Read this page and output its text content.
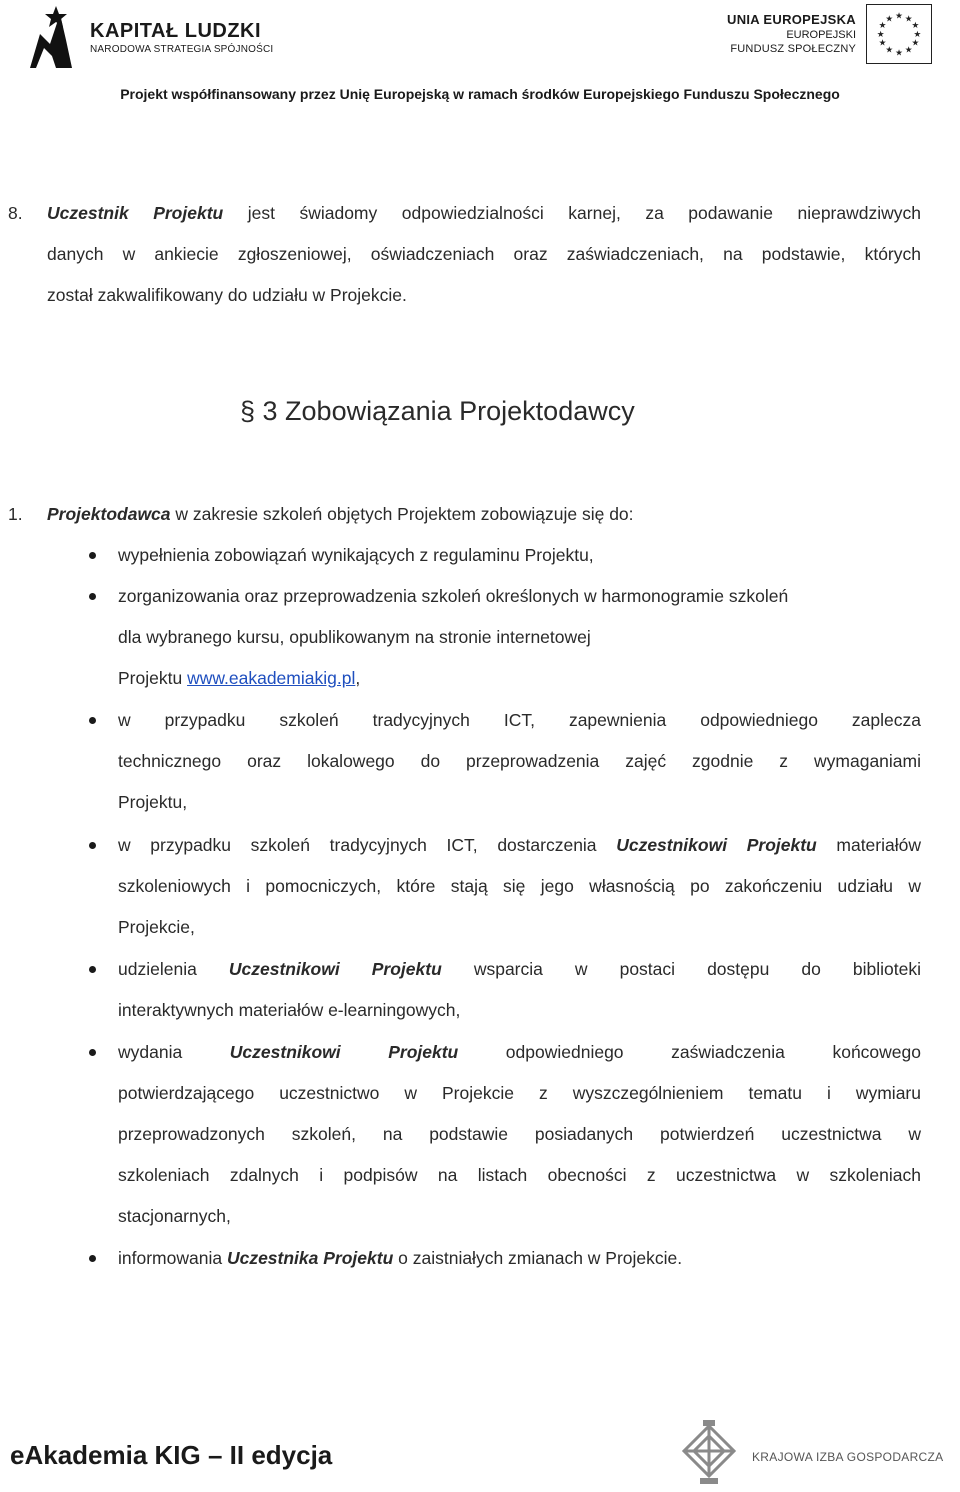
KAPITAŁ LUDZKI
NARODOWA STRATEGIA SPÓJNOŚCI
UNIA EUROPEJSKA
EUROPEJSKI
FUNDUSZ SPOŁECZNY
★ ★
★
★
★
★
★
★
★
★
★
★
Projekt współfinansowany przez Unię Europejską w ramach środków Europejskiego Funduszu Społecznego
8. Uczestnik Projektu jest świadomy odpowiedzialności karnej, za podawanie nieprawdziwych
danych w ankiecie zgłoszeniowej, oświadczeniach oraz zaświadczeniach, na podstawie, których
został zakwalifikowany do udziału w Projekcie.
§ 3 Zobowiązania Projektodawcy
1. Projektodawca w zakresie szkoleń objętych Projektem zobowiązuje się do:
wypełnienia zobowiązań wynikających z regulaminu Projektu,
zorganizowania oraz przeprowadzenia szkoleń określonych w harmonogramie szkoleń
dla wybranego kursu, opublikowanym na stronie internetowej
Projektu www.eakademiakig.pl,
w przypadku szkoleń tradycyjnych ICT, zapewnienia odpowiedniego zaplecza
technicznego oraz lokalowego do przeprowadzenia zajęć zgodnie z wymaganiami
Projektu,
w przypadku szkoleń tradycyjnych ICT, dostarczenia Uczestnikowi Projektu materiałów
szkoleniowych i pomocniczych, które stają się jego własnością po zakończeniu udziału w
Projekcie,
udzielenia Uczestnikowi Projektu wsparcia w postaci dostępu do biblioteki
interaktywnych materiałów e-learningowych,
wydania Uczestnikowi Projektu odpowiedniego zaświadczenia końcowego
potwierdzającego uczestnictwo w Projekcie z wyszczególnieniem tematu i wymiaru
przeprowadzonych szkoleń, na podstawie posiadanych potwierdzeń uczestnictwa w
szkoleniach zdalnych i podpisów na listach obecności z uczestnictwa w szkoleniach
stacjonarnych,
informowania Uczestnika Projektu o zaistniałych zmianach w Projekcie.
eAkademia KIG – II edycja	KRAJOWA IZBA GOSPODARCZA
